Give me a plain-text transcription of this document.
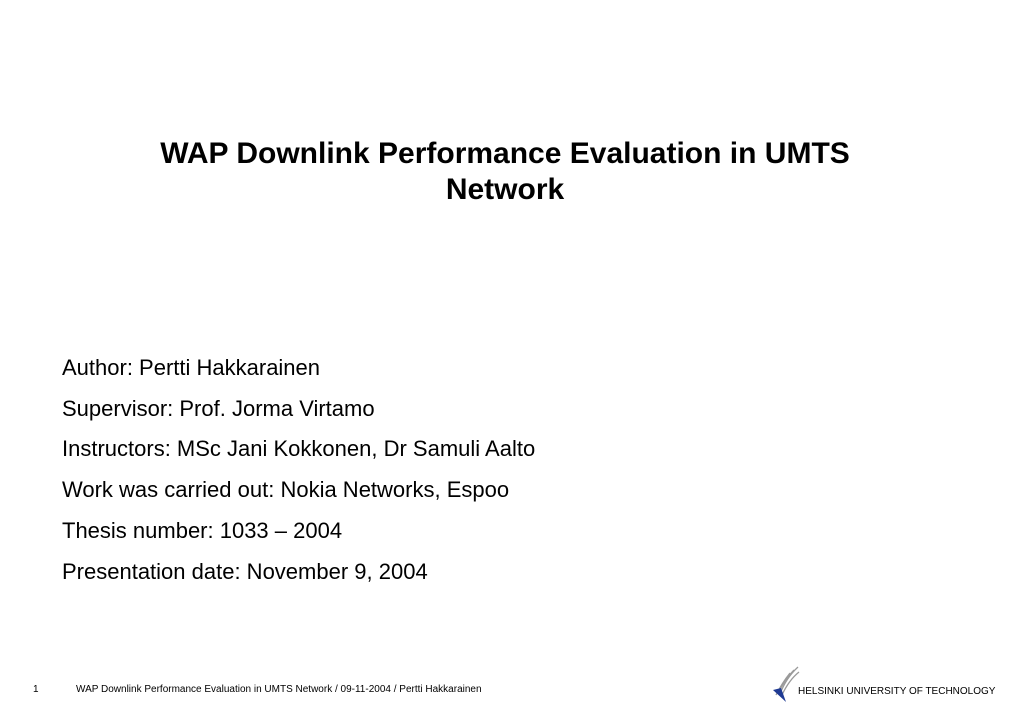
WAP Downlink Performance Evaluation in UMTS
Network
Author: Pertti Hakkarainen
Supervisor: Prof. Jorma Virtamo
Instructors: MSc Jani Kokkonen, Dr Samuli Aalto
Work was carried out: Nokia Networks, Espoo
Thesis number: 1033 – 2004
Presentation date: November 9, 2004
1	WAP Downlink Performance Evaluation in UMTS Network / 09-11-2004 / Pertti Hakkarainen	HELSINKI UNIVERSITY OF TECHNOLOGY
